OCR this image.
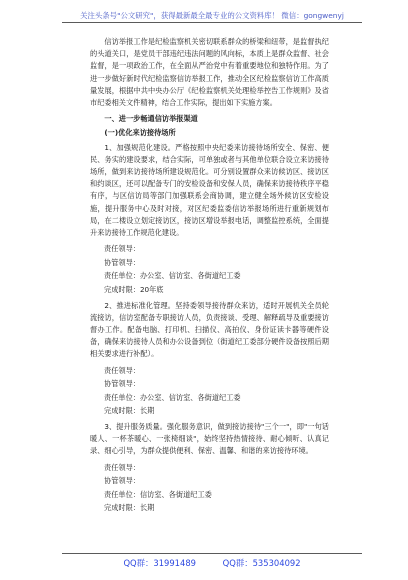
关注头条号"公文研究"，获得最新最全最专业的公文资料库！ 微信：gongwenyj

信访举报工作是纪检监察机关密切联系群众的桥梁和纽带，是监督执纪的头道关口，是党员干部违纪违法问题的风向标，本质上是群众监督、社会监督，是一项政治工作，在全面从严治党中有着重要地位和独特作用。为了进一步做好新时代纪检监察信访举报工作，推动全区纪检监察信访工作高质量发展，根据中共中央办公厅《纪检监察机关处理检举控告工作规则》及省市纪委相关文件精神，结合工作实际，提出如下实施方案。

一、进一步畅通信访举报渠道

(一)优化来访接待场所

1、加强规范化建设。严格按照中央纪委来访接待场所安全、保密、便民、务实的建设要求，结合实际，可单独或者与其他单位联合设立来访接待场所，做到来访接待场所建设规范化。可分别设置群众来访候访区、接访区和约谈区，还可以配备专门的安检设备和安保人员，确保来访接待秩序平稳有序，与区信访局等部门加强联系会商协调，建立健全场外候访区安检设施，提升服务中心及时对接，对区纪委监委信访举报场所进行重新规划布局，在二楼设立划定接访区，接访区增设举报电话，调整监控系统，全面提升来访接待工作规范化建设。

责任领导：

协管领导：

责任单位：办公室、信访室、各街道纪工委

完成时限：20年底

2、推进标准化管理。坚持委领导接待群众来访，适时开展机关全员轮流接访，信访室配备专职接访人员，负责接谈、受理、解释疏导及重要接访督办工作。配备电脑、打印机、扫描仪、高拍仪、身份证读卡器等硬件设备，确保来访接待人员和办公设备到位（街道纪工委部分硬件设备按照后期相关要求进行补配）。

责任领导：

协管领导：

责任单位：办公室、信访室、各街道纪工委

完成时限：长期

3、提升服务质量。强化服务意识，做到接访接待"三个一"，即"一句话暖人、一杯茶暖心、一张椅细谈"，始终坚持热情接待、耐心倾听、认真记录、细心引导，为群众提供便利、保密、温馨、和谐的来访接待环境。

责任领导：

协管领导：

责任单位：信访室、各街道纪工委

完成时限：长期

QQ群：31991489	QQ群：535304092
